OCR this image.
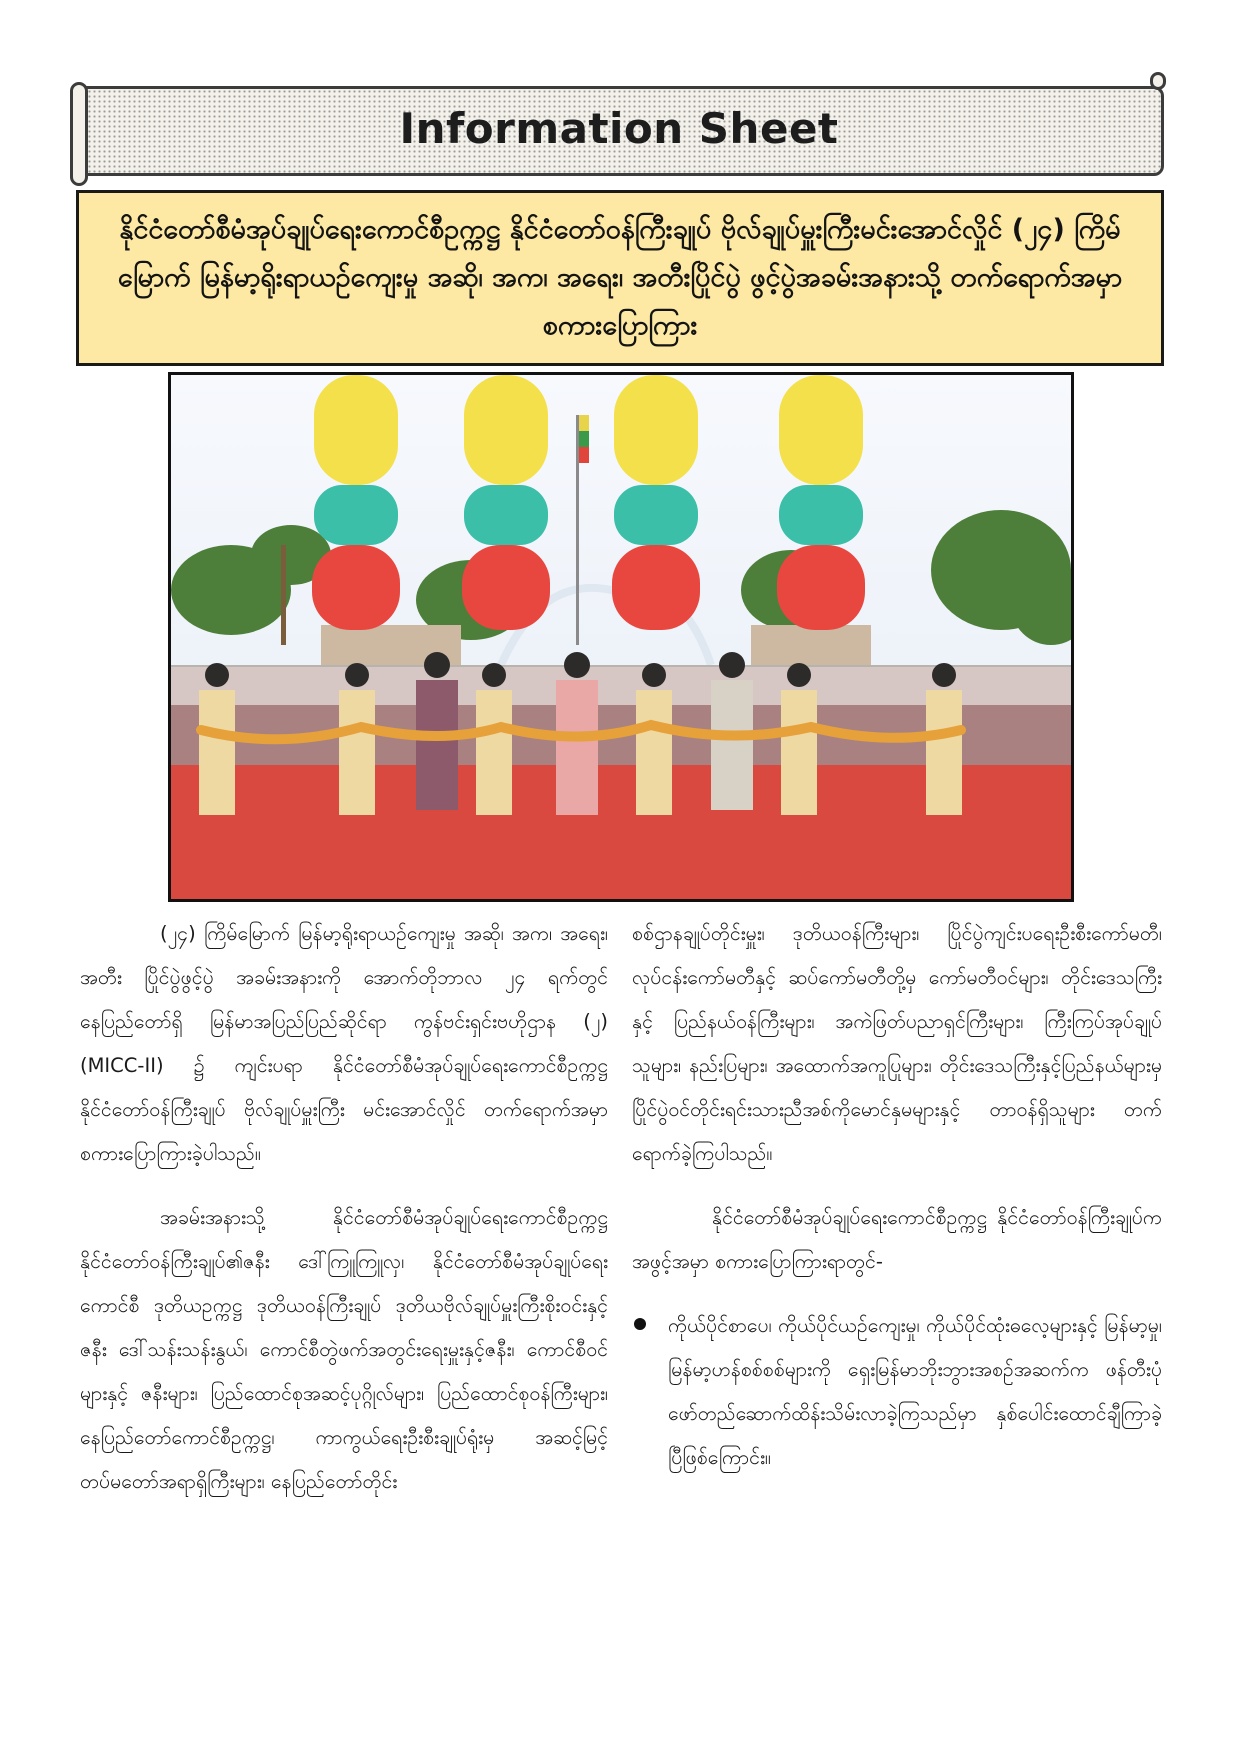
Information Sheet

နိုင်ငံတော်စီမံအုပ်ချုပ်ရေးကောင်စီဥက္ကဋ္ဌ နိုင်ငံတော်ဝန်ကြီးချုပ် ဗိုလ်ချုပ်မှူးကြီးမင်းအောင်လှိုင် (၂၄) ကြိမ်မြောက် မြန်မာ့ရိုးရာယဉ်ကျေးမှု အဆို၊ အက၊ အရေး၊ အတီးပြိုင်ပွဲ ဖွင့်ပွဲအခမ်းအနားသို့ တက်ရောက်အမှာစကားပြောကြား

(၂၄) ကြိမ်မြောက် မြန်မာ့ရိုးရာယဉ်ကျေးမှု အဆို၊ အက၊ အရေး၊ အတီး ပြိုင်ပွဲဖွင့်ပွဲ အခမ်းအနားကို အောက်တိုဘာလ ၂၄ ရက်တွင် နေပြည်တော်ရှိ မြန်မာအပြည်ပြည်ဆိုင်ရာ ကွန်ဗင်းရှင်းဗဟိုဌာန (၂) (MICC-II) ၌ ကျင်းပရာ နိုင်ငံတော်စီမံအုပ်ချုပ်ရေးကောင်စီဥက္ကဋ္ဌ နိုင်ငံတော်ဝန်ကြီးချုပ် ဗိုလ်ချုပ်မှူးကြီး မင်းအောင်လှိုင် တက်ရောက်အမှာစကားပြောကြားခဲ့ပါသည်။

အခမ်းအနားသို့ နိုင်ငံတော်စီမံအုပ်ချုပ်ရေးကောင်စီဥက္ကဋ္ဌ နိုင်ငံတော်ဝန်ကြီးချုပ်၏ဇနီး ဒေါ်ကြူကြူလှ၊ နိုင်ငံတော်စီမံအုပ်ချုပ်ရေးကောင်စီ ဒုတိယဥက္ကဋ္ဌ ဒုတိယဝန်ကြီးချုပ် ဒုတိယဗိုလ်ချုပ်မှူးကြီးစိုးဝင်းနှင့်ဇနီး ဒေါ်သန်းသန်းနွယ်၊ ကောင်စီတွဲဖက်အတွင်းရေးမှူးနှင့်ဇနီး၊ ကောင်စီဝင်များနှင့် ဇနီးများ၊ ပြည်ထောင်စုအဆင့်ပုဂ္ဂိုလ်များ၊ ပြည်ထောင်စုဝန်ကြီးများ၊ နေပြည်တော်ကောင်စီဥက္ကဋ္ဌ၊ ကာကွယ်ရေးဦးစီးချုပ်ရုံးမှ အဆင့်မြင့်တပ်မတော်အရာရှိကြီးများ၊ နေပြည်တော်တိုင်း

စစ်ဌာနချုပ်တိုင်းမှူး၊ ဒုတိယဝန်ကြီးများ၊ ပြိုင်ပွဲကျင်းပရေးဦးစီးကော်မတီ၊ လုပ်ငန်းကော်မတီနှင့် ဆပ်ကော်မတီတို့မှ ကော်မတီဝင်များ၊ တိုင်းဒေသကြီးနှင့် ပြည်နယ်ဝန်ကြီးများ၊ အကဲဖြတ်ပညာရှင်ကြီးများ၊ ကြီးကြပ်အုပ်ချုပ်သူများ၊ နည်းပြများ၊ အထောက်အကူပြုများ၊ တိုင်းဒေသကြီးနှင့်ပြည်နယ်များမှ ပြိုင်ပွဲဝင်တိုင်းရင်းသားညီအစ်ကိုမောင်နှမများနှင့် တာဝန်ရှိသူများ တက်ရောက်ခဲ့ကြပါသည်။

နိုင်ငံတော်စီမံအုပ်ချုပ်ရေးကောင်စီဥက္ကဋ္ဌ နိုင်ငံတော်ဝန်ကြီးချုပ်က အဖွင့်အမှာ စကားပြောကြားရာတွင်-

ကိုယ်ပိုင်စာပေ၊ ကိုယ်ပိုင်ယဉ်ကျေးမှု၊ ကိုယ်ပိုင်ထုံးဓလေ့များနှင့် မြန်မာ့မှု၊ မြန်မာ့ဟန်စစ်စစ်များကို ရှေးမြန်မာဘိုးဘွားအစဉ်အဆက်က ဖန်တီးပုံဖော်တည်ဆောက်ထိန်းသိမ်းလာခဲ့ကြသည်မှာ နှစ်ပေါင်းထောင်ချီကြာခဲ့ပြီဖြစ်ကြောင်း။
